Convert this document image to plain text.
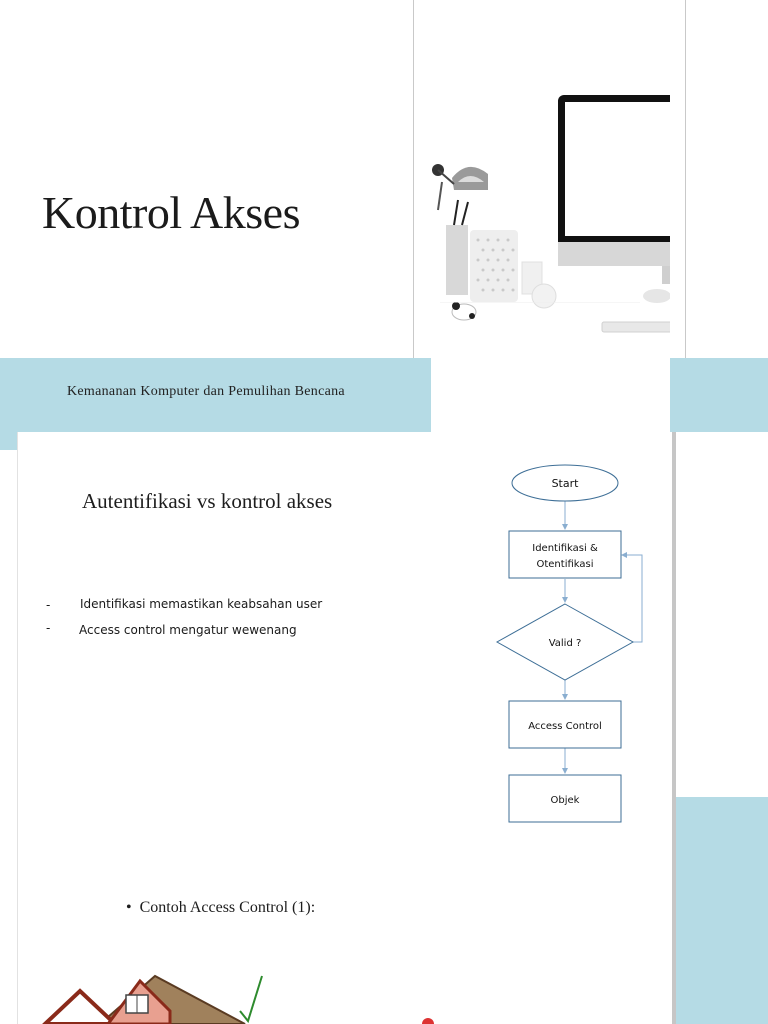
Kontrol Akses
Kemananan Komputer dan Pemulihan Bencana
Autentifikasi vs kontrol akses
- Identifikasi memastikan keabsahan user
- Access control mengatur wewenang
Start
Identifikasi &
Otentifikasi
Valid ?
Access Control
Objek
• Contoh Access Control (1):
